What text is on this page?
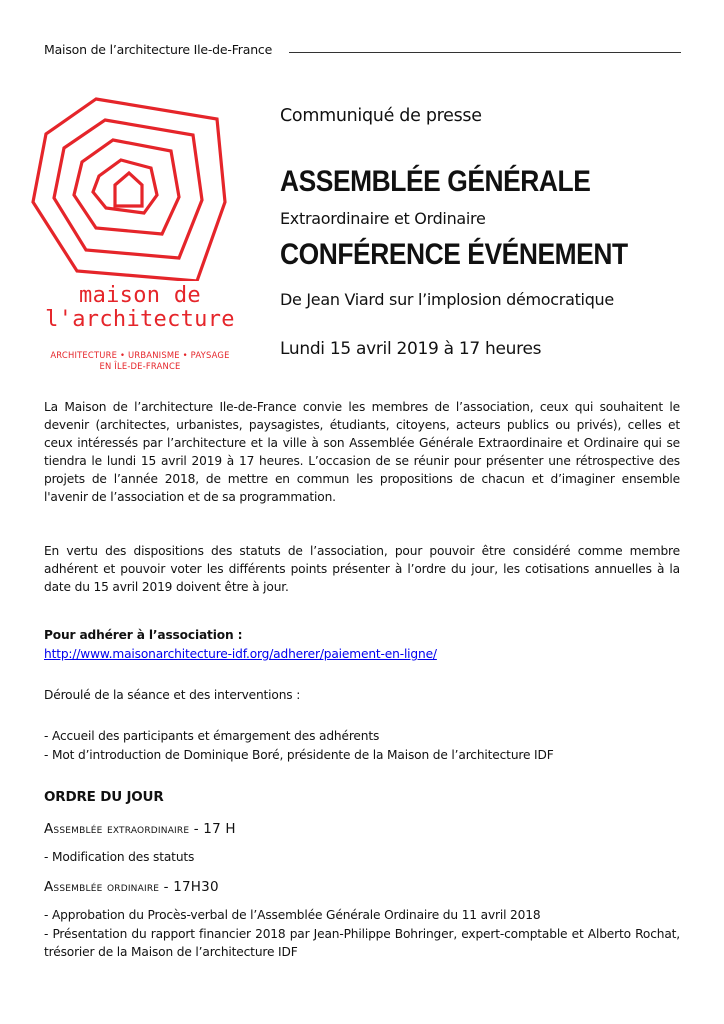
Maison de l’architecture Ile-de-France
maison de
l'architecture
ARCHITECTURE • URBANISME • PAYSAGE
EN ÎLE-DE-FRANCE
Communiqué de presse
ASSEMBLÉE GÉNÉRALE
Extraordinaire et Ordinaire
CONFÉRENCE ÉVÉNEMENT
De Jean Viard sur l’implosion démocratique
Lundi 15 avril 2019 à 17 heures

La Maison de l’architecture Ile-de-France convie les membres de l’association, ceux qui souhaitent le devenir (architectes, urbanistes, paysagistes, étudiants, citoyens, acteurs publics ou privés), celles et ceux intéressés par l’architecture et la ville à son Assemblée Générale Extraordinaire et Ordinaire qui se tiendra le lundi 15 avril 2019 à 17 heures. L’occasion de se réunir pour présenter une rétrospective des projets de l’année 2018, de mettre en commun les propositions de chacun et d’imaginer ensemble l'avenir de l’association et de sa programmation.

En vertu des dispositions des statuts de l’association, pour pouvoir être considéré comme membre adhérent et pouvoir voter les différents points présenter à l’ordre du jour, les cotisations annuelles à la date du 15 avril 2019 doivent être à jour.

Pour adhérer à l’association :
http://www.maisonarchitecture-idf.org/adherer/paiement-en-ligne/
Déroulé de la séance et des interventions :
- Accueil des participants et émargement des adhérents
- Mot d’introduction de Dominique Boré, présidente de la Maison de l’architecture IDF
ORDRE DU JOUR
Assemblée extraordinaire - 17 H
- Modification des statuts
Assemblée ordinaire - 17H30
- Approbation du Procès-verbal de l’Assemblée Générale Ordinaire du 11 avril 2018
- Présentation du rapport financier 2018 par Jean-Philippe Bohringer, expert-comptable et Alberto Rochat, trésorier de la Maison de l’architecture IDF
